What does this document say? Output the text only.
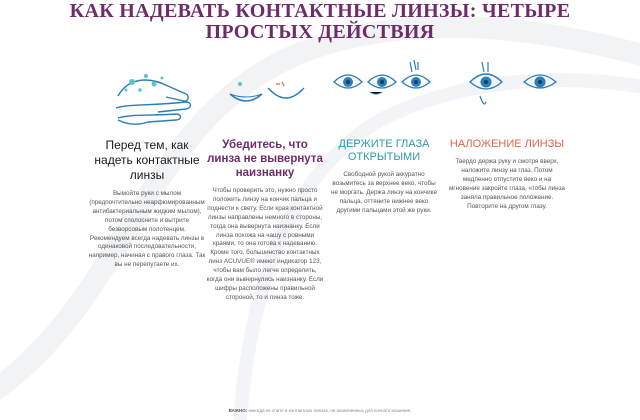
КАК НАДЕВАТЬ КОНТАКТНЫЕ ЛИНЗЫ: ЧЕТЫРЕ
ПРОСТЫХ ДЕЙСТВИЯ

Перед тем, как надеть контактные линзы

Вымойте руки с мылом (предпочтительно неарфюмированным антибактериальным жидким мылом), потом сполосните и вытрите безворсовым полотенцем. Рекомендуем всегда надевать линзы в одинаковой последовательности, например, начиная с правого глаза. Так вы не перепутаете их.

Убедитесь, что линза не вывернута наизнанку

Чтобы проверить это, нужно просто положить линзу на кончик пальца и поднести к свету. Если края контактной линзы направлены немного в стороны, тогда она вывернута наизнанку. Если линза похожа на чашу с ровными краями, то она готова к надеванию. Кроме того, большинство контактных линз ACUVUE® имеют индикатор 123, чтобы вам было легче определить, когда они вывернулись наизнанку. Если шифры расположены правильной стороной, то и линза тоже.

ДЕРЖИТЕ ГЛАЗА ОТКРЫТЫМИ

Свободной рукой аккуратно возьмитесь за верхнее веко, чтобы не моргать. Держа линзу на кончике пальца, оттяните нижнее веко другими пальцами этой же руки.

НАЛОЖЕНИЕ ЛИНЗЫ

Твердо держа руку и смотря вверх, наложите линзу на глаз. Потом медленно отпустите веко и на мгновение закройте глаза, чтобы линза заняла правильное положение. Повторите на другом глазу.
ВАЖНО: никогда не спите в контактных линзах, не назначенных для ночного ношения.
